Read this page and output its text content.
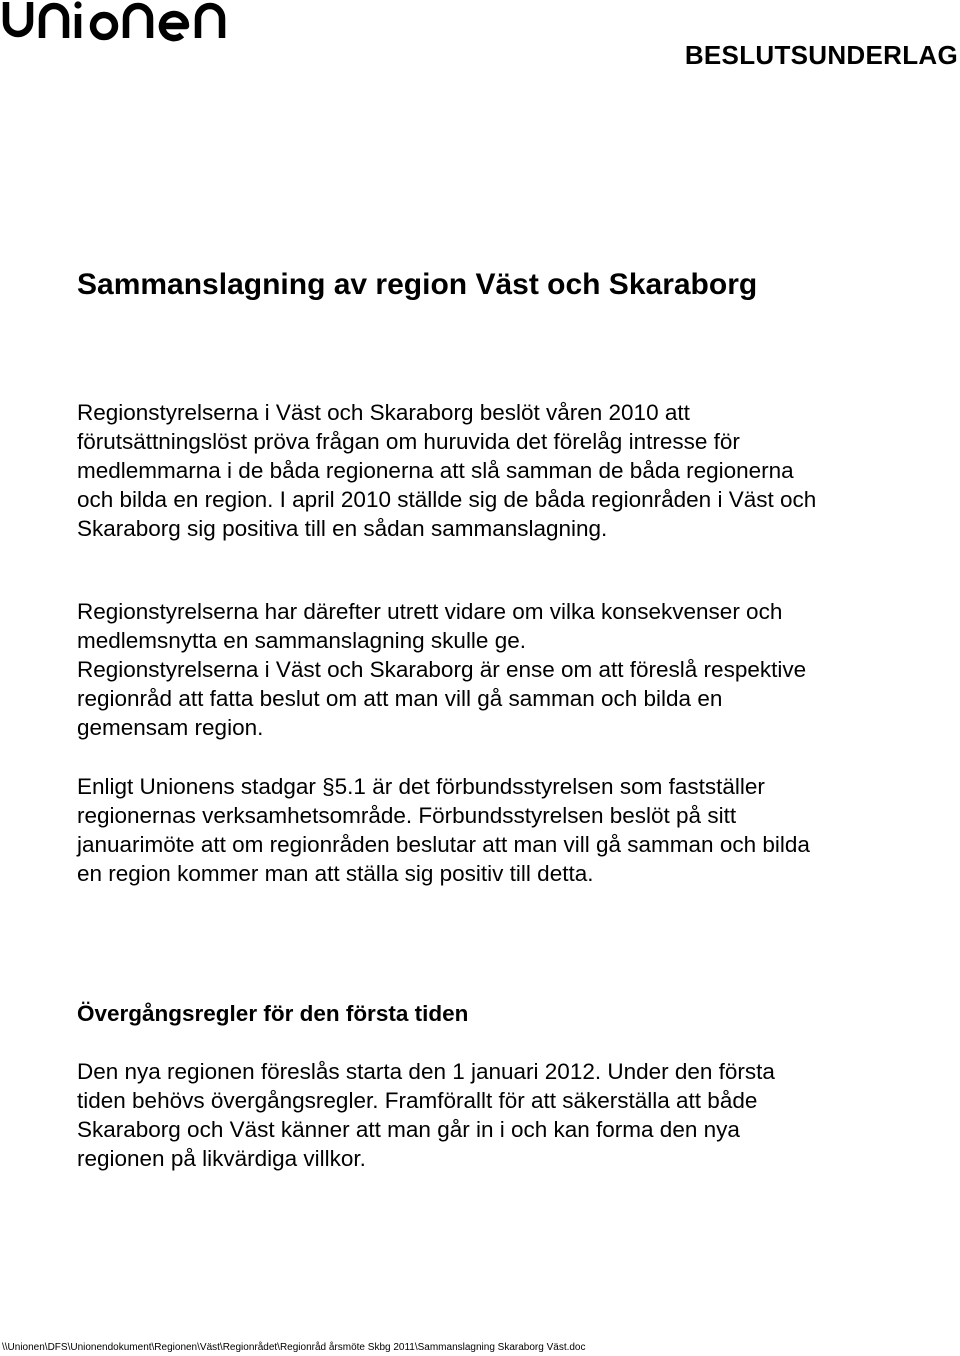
BESLUTSUNDERLAG
Sammanslagning av region Väst och Skaraborg

Regionstyrelserna i Väst och Skaraborg beslöt våren 2010 att förutsättningslöst pröva frågan om huruvida det förelåg intresse för medlemmarna i de båda regionerna att slå samman de båda regionerna och bilda en region. I april 2010 ställde sig de båda regionråden i Väst och Skaraborg sig positiva till en sådan sammanslagning.

Regionstyrelserna har därefter utrett vidare om vilka konsekvenser och medlemsnytta en sammanslagning skulle ge.

Regionstyrelserna i Väst och Skaraborg är ense om att föreslå respektive regionråd att fatta beslut om att man vill gå samman och bilda en gemensam region.

Enligt Unionens stadgar §5.1 är det förbundsstyrelsen som fastställer regionernas verksamhetsområde. Förbundsstyrelsen beslöt på sitt januarimöte att om regionråden beslutar att man vill gå samman och bilda en region kommer man att ställa sig positiv till detta.

Övergångsregler för den första tiden

Den nya regionen föreslås starta den 1 januari 2012. Under den första tiden behövs övergångsregler. Framförallt för att säkerställa att både Skaraborg och Väst känner att man går in i och kan forma den nya regionen på likvärdiga villkor.

\\Unionen\DFS\Unionendokument\Regionen\Väst\Regionrådet\Regionråd årsmöte Skbg 2011\Sammanslagning Skaraborg Väst.doc
